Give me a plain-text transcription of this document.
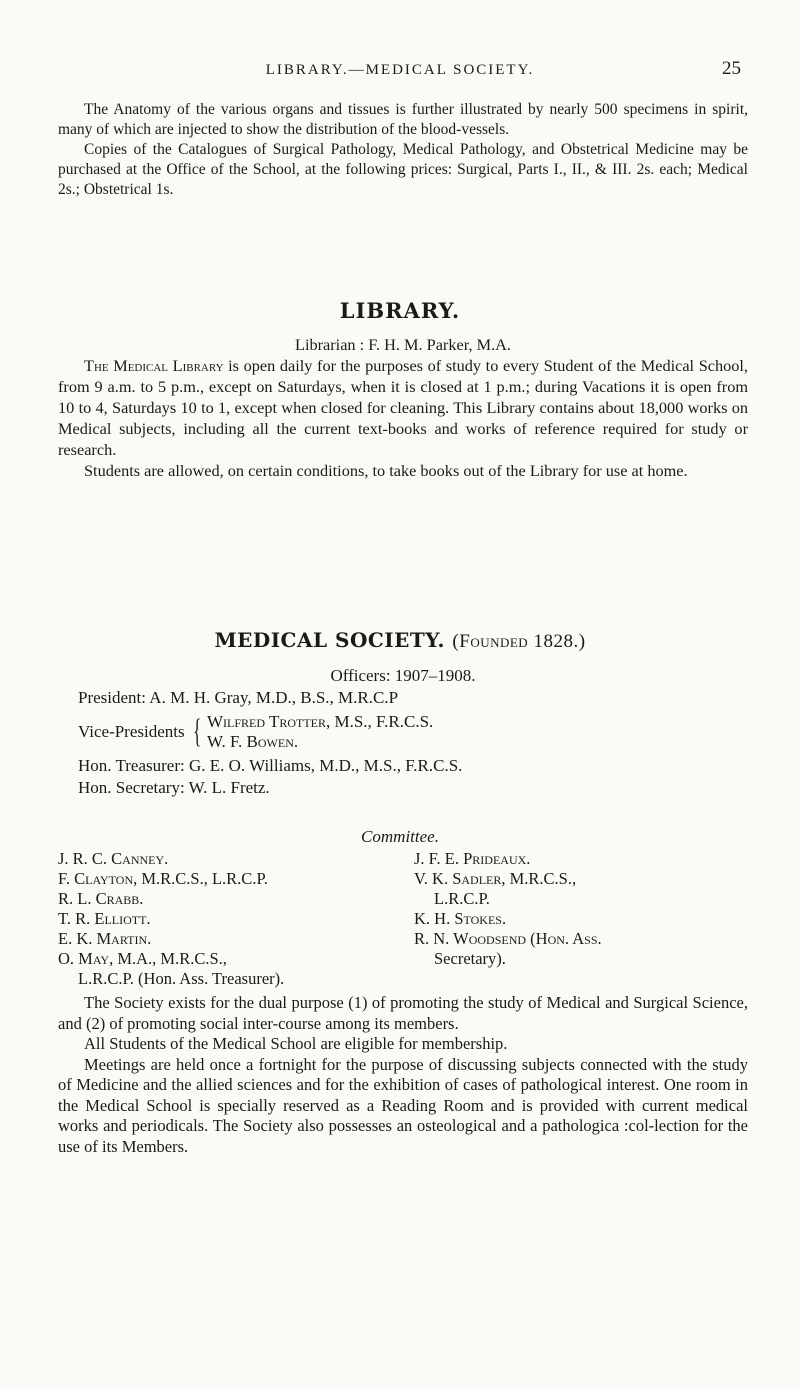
LIBRARY.—MEDICAL SOCIETY.	25

The Anatomy of the various organs and tissues is further illustrated by nearly 500 specimens in spirit, many of which are injected to show the distribution of the blood-vessels.

Copies of the Catalogues of Surgical Pathology, Medical Pathology, and Obstetrical Medicine may be purchased at the Office of the School, at the following prices: Surgical, Parts I., II., & III. 2s. each; Medical 2s.; Obstetrical 1s.

LIBRARY.

Librarian : F. H. M. Parker, M.A.

The Medical Library is open daily for the purposes of study to every Student of the Medical School, from 9 a.m. to 5 p.m., except on Saturdays, when it is closed at 1 p.m.; during Vacations it is open from 10 to 4, Saturdays 10 to 1, except when closed for cleaning. This Library contains about 18,000 works on Medical subjects, including all the current text-books and works of reference required for study or research.

Students are allowed, on certain conditions, to take books out of the Library for use at home.

MEDICAL SOCIETY. (Founded 1828.)
Officers: 1907–1908.
President: A. M. H. Gray, M.D., B.S., M.R.C.P
Vice-Presidents { Wilfred Trotter, M.S., F.R.C.S.
W. F. Bowen.
Hon. Treasurer: G. E. O. Williams, M.D., M.S., F.R.C.S.
Hon. Secretary: W. L. Fretz.
Committee.
J. R. C. Canney.
F. Clayton, M.R.C.S., L.R.C.P.
R. L. Crabb.
T. R. Elliott.
E. K. Martin.
O. May, M.A., M.R.C.S.,
L.R.C.P. (Hon. Ass. Treasurer).
J. F. E. Prideaux.
V. K. Sadler, M.R.C.S.,
L.R.C.P.
K. H. Stokes.
R. N. Woodsend (Hon. Ass.
Secretary).

The Society exists for the dual purpose (1) of promoting the study of Medical and Surgical Science, and (2) of promoting social inter-course among its members.

All Students of the Medical School are eligible for membership.

Meetings are held once a fortnight for the purpose of discussing subjects connected with the study of Medicine and the allied sciences and for the exhibition of cases of pathological interest. One room in the Medical School is specially reserved as a Reading Room and is provided with current medical works and periodicals. The Society also possesses an osteological and a pathologica :col-lection for the use of its Members.
